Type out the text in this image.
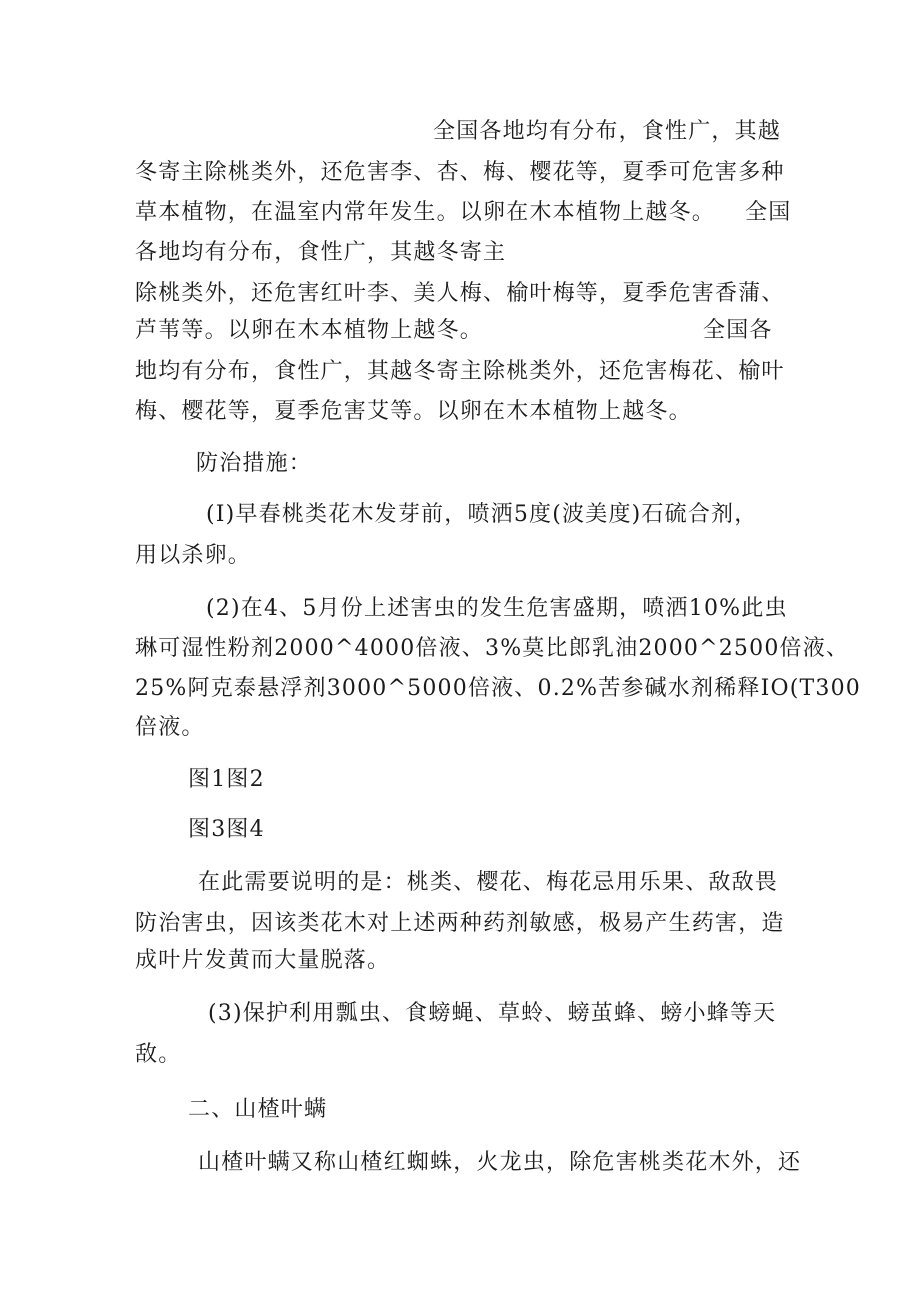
全国各地均有分布，食性广，其越
冬寄主除桃类外，还危害李、杏、梅、樱花等，夏季可危害多种
草本植物，在温室内常年发生。以卵在木本植物上越冬。 全国
各地均有分布，食性广，其越冬寄主
除桃类外，还危害红叶李、美人梅、榆叶梅等，夏季危害香蒲、
芦苇等。以卵在木本植物上越冬。	全国各
地均有分布，食性广，其越冬寄主除桃类外，还危害梅花、榆叶
梅、樱花等，夏季危害艾等。以卵在木本植物上越冬。
防治措施：
(I)早春桃类花木发芽前，喷洒5度(波美度)石硫合剂，
用以杀卵。
(2)在4、5月份上述害虫的发生危害盛期，喷洒10%此虫
琳可湿性粉剂2000^4000倍液、3%莫比郎乳油2000^2500倍液、
25%阿克泰悬浮剂3000^5000倍液、0.2%苦参碱水剂稀释IO(T300
倍液。
图1图2
图3图4
在此需要说明的是：桃类、樱花、梅花忌用乐果、敌敌畏
防治害虫，因该类花木对上述两种药剂敏感，极易产生药害，造
成叶片发黄而大量脱落。
(3)保护利用瓢虫、食螃蝇、草蛉、螃茧蜂、螃小蜂等天
敌。
二、山楂叶螨
山楂叶螨又称山楂红蜘蛛，火龙虫，除危害桃类花木外，还
